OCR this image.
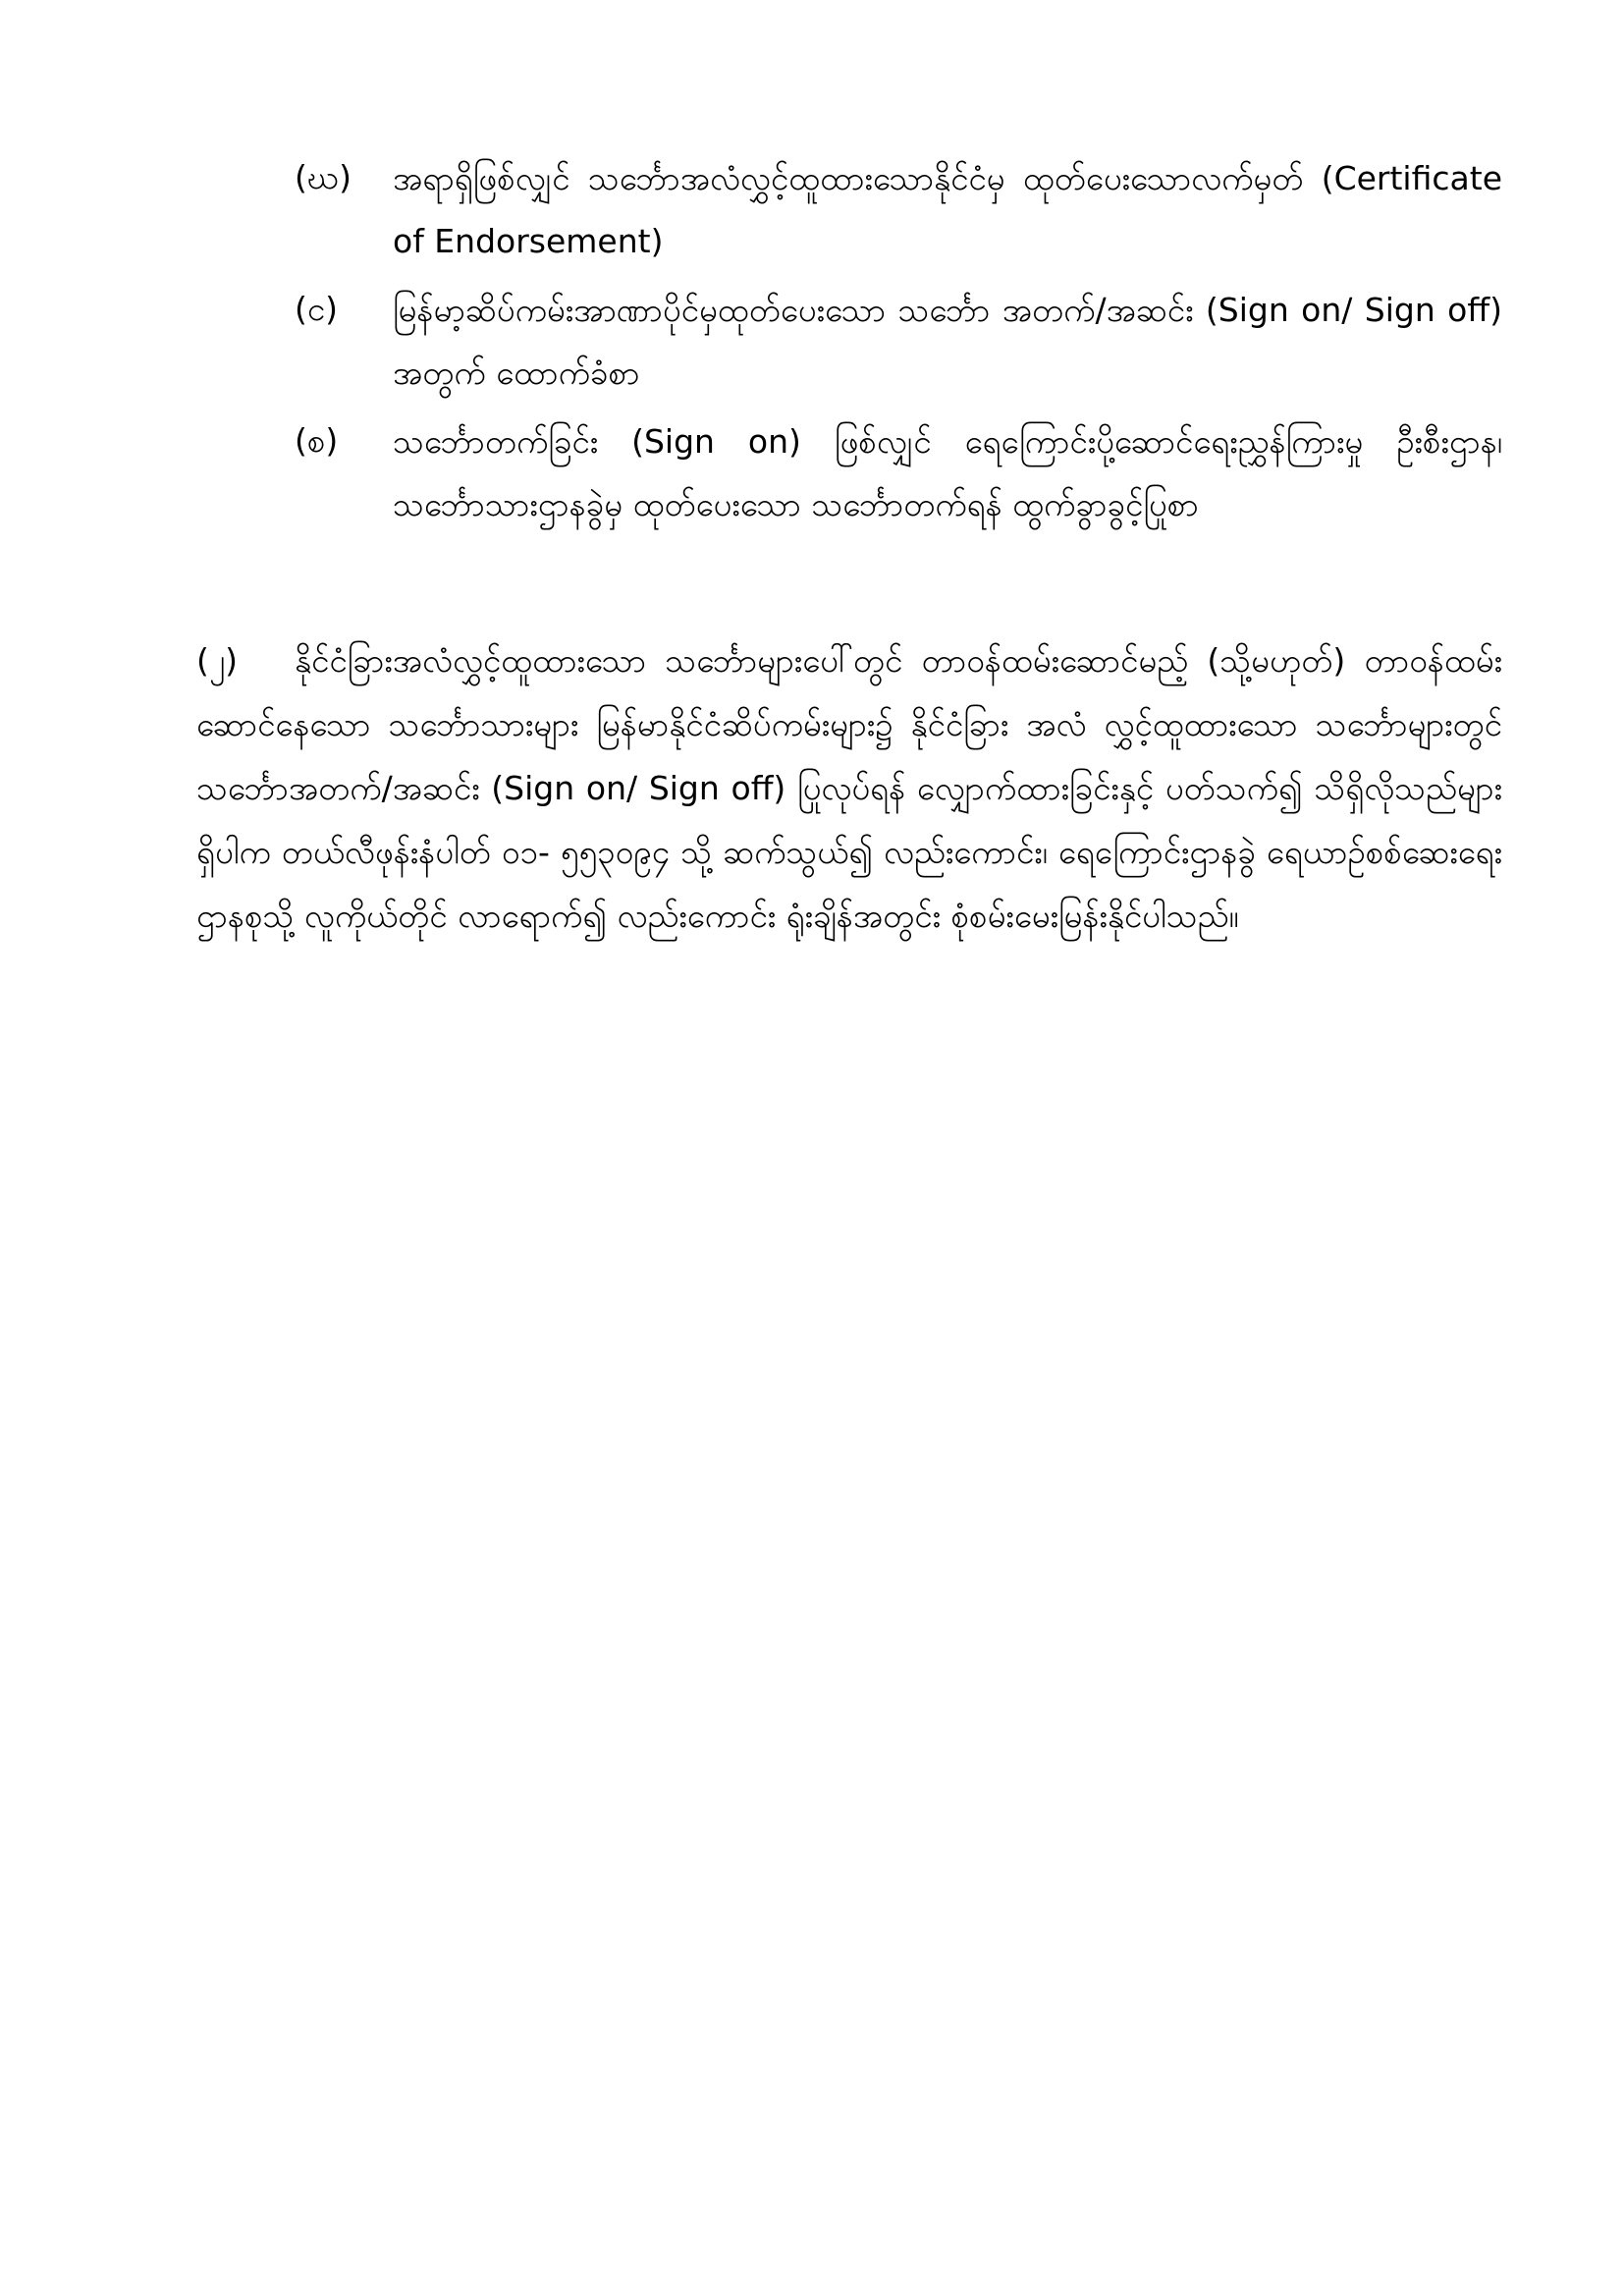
(ဃ)	အရာရှိဖြစ်လျှင် သင်္ဘောအလံလွှင့်ထူထားသောနိုင်ငံမှ ထုတ်ပေးသောလက်မှတ် (Certificate of Endorsement)
(င)	မြန်မာ့ဆိပ်ကမ်းအာဏာပိုင်မှထုတ်ပေးသော သင်္ဘော အတက်/အဆင်း (Sign on/ Sign off) အတွက် ထောက်ခံစာ
(စ)	သင်္ဘောတက်ခြင်း (Sign on) ဖြစ်လျှင် ရေကြောင်းပို့ဆောင်ရေးညွှန်ကြားမှု ဦးစီးဌာန၊ သင်္ဘောသားဌာနခွဲမှ ထုတ်ပေးသော သင်္ဘောတက်ရန် ထွက်ခွာခွင့်ပြုစာ
(၂) နိုင်ငံခြားအလံလွှင့်ထူထားသော သင်္ဘောများပေါ်တွင် တာဝန်ထမ်းဆောင်မည့် (သို့မဟုတ်) တာဝန်ထမ်းဆောင်နေသော သင်္ဘောသားများ မြန်မာနိုင်ငံဆိပ်ကမ်းများ၌ နိုင်ငံခြား အလံ လွှင့်ထူထားသော သင်္ဘောများတွင် သင်္ဘောအတက်/အဆင်း (Sign on/ Sign off) ပြုလုပ်ရန် လျှောက်ထားခြင်းနှင့် ပတ်သက်၍ သိရှိလိုသည်များရှိပါက တယ်လီဖုန်းနံပါတ် ဝ၁- ၅၅၃၀၉၄ သို့ ဆက်သွယ်၍ လည်းကောင်း၊ ရေကြောင်းဌာနခွဲ ရေယာဉ်စစ်ဆေးရေးဌာနစုသို့ လူကိုယ်တိုင် လာရောက်၍ လည်းကောင်း ရုံးချိန်အတွင်း စုံစမ်းမေးမြန်းနိုင်ပါသည်။
